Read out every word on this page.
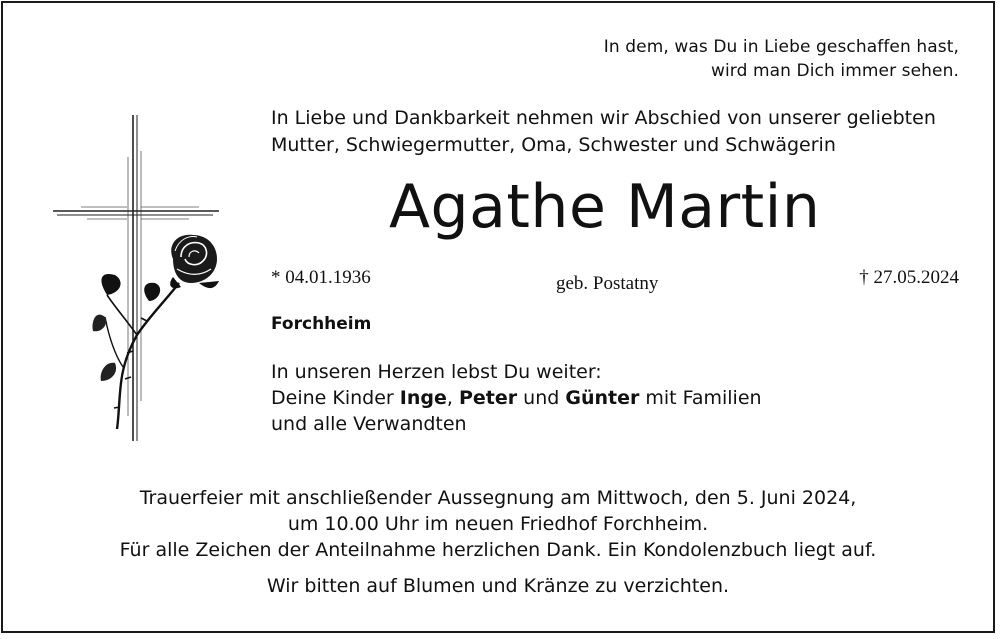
In dem, was Du in Liebe geschaffen hast,
wird man Dich immer sehen.
In Liebe und Dankbarkeit nehmen wir Abschied von unserer geliebten
Mutter, Schwiegermutter, Oma, Schwester und Schwägerin
Agathe Martin
* 04.01.1936	geb. Postatny	† 27.05.2024
Forchheim
In unseren Herzen lebst Du weiter:
Deine Kinder Inge, Peter und Günter mit Familien
und alle Verwandten
Trauerfeier mit anschließender Aussegnung am Mittwoch, den 5. Juni 2024,
um 10.00 Uhr im neuen Friedhof Forchheim.
Für alle Zeichen der Anteilnahme herzlichen Dank. Ein Kondolenzbuch liegt auf.
Wir bitten auf Blumen und Kränze zu verzichten.
